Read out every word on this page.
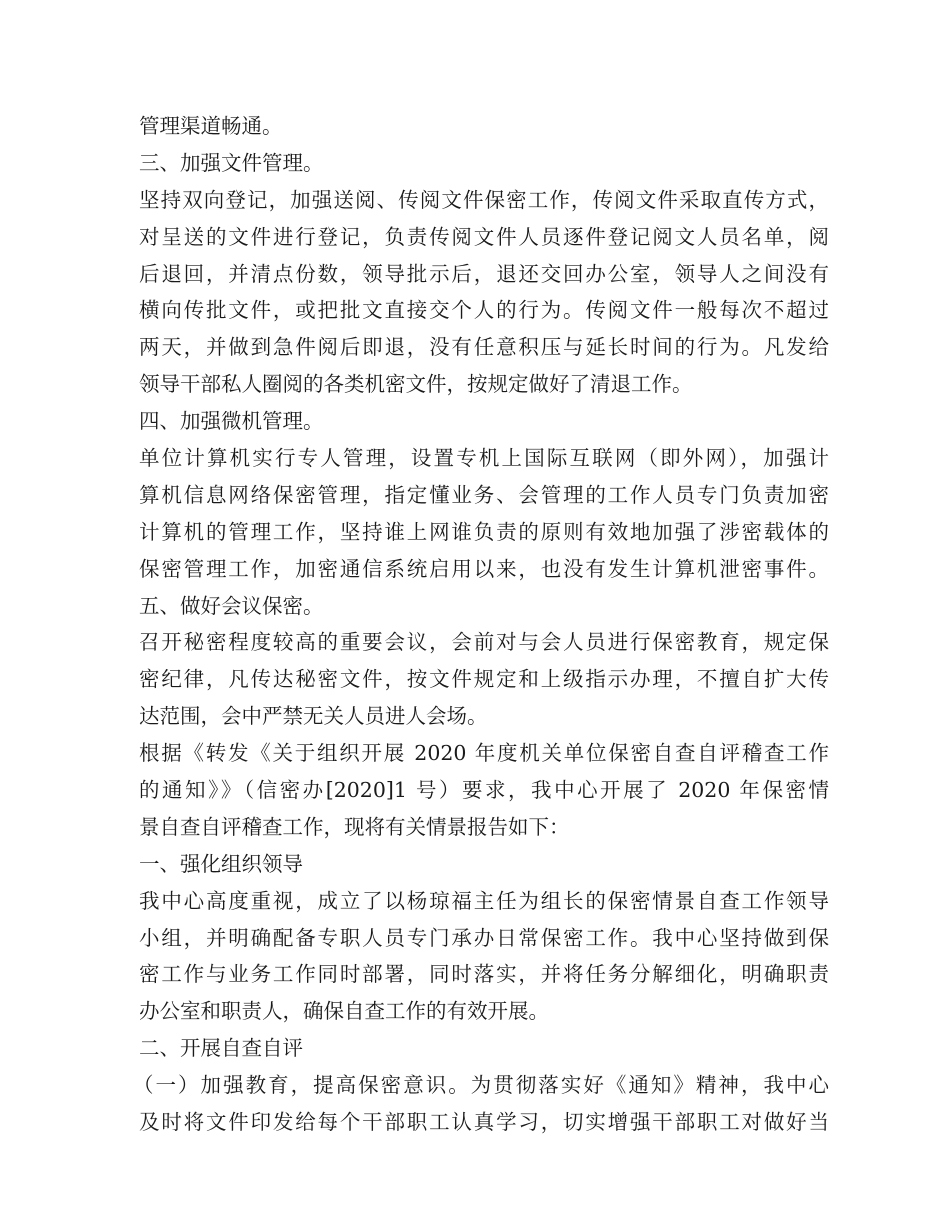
管理渠道畅通。
三、加强文件管理。
坚持双向登记，加强送阅、传阅文件保密工作，传阅文件采取直传方式，
对呈送的文件进行登记，负责传阅文件人员逐件登记阅文人员名单，阅
后退回，并清点份数，领导批示后，退还交回办公室，领导人之间没有
横向传批文件，或把批文直接交个人的行为。传阅文件一般每次不超过
两天，并做到急件阅后即退，没有任意积压与延长时间的行为。凡发给
领导干部私人圈阅的各类机密文件，按规定做好了清退工作。
四、加强微机管理。
单位计算机实行专人管理，设置专机上国际互联网（即外网），加强计
算机信息网络保密管理，指定懂业务、会管理的工作人员专门负责加密
计算机的管理工作，坚持谁上网谁负责的原则有效地加强了涉密载体的
保密管理工作，加密通信系统启用以来，也没有发生计算机泄密事件。
五、做好会议保密。
召开秘密程度较高的重要会议，会前对与会人员进行保密教育，规定保
密纪律，凡传达秘密文件，按文件规定和上级指示办理，不擅自扩大传
达范围，会中严禁无关人员进人会场。
根据《转发《关于组织开展 2020 年度机关单位保密自查自评稽查工作
的通知》》（信密办[2020]1 号）要求，我中心开展了 2020 年保密情
景自查自评稽查工作，现将有关情景报告如下：
一、强化组织领导
我中心高度重视，成立了以杨琼福主任为组长的保密情景自查工作领导
小组，并明确配备专职人员专门承办日常保密工作。我中心坚持做到保
密工作与业务工作同时部署，同时落实，并将任务分解细化，明确职责
办公室和职责人，确保自查工作的有效开展。
二、开展自查自评
（一）加强教育，提高保密意识。为贯彻落实好《通知》精神，我中心
及时将文件印发给每个干部职工认真学习，切实增强干部职工对做好当
